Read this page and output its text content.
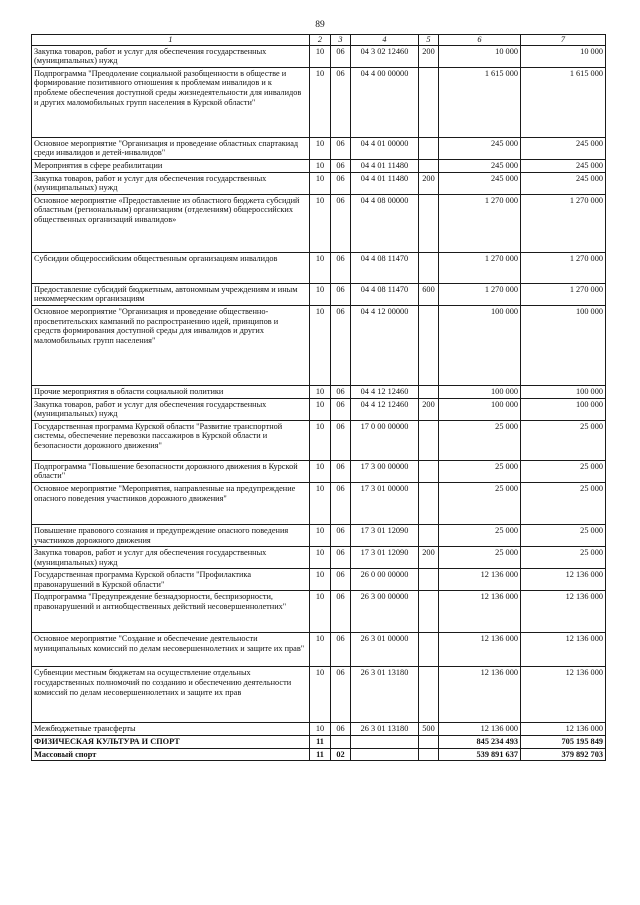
89
1	2	3	4	5	6	7
Закупка товаров, работ и услуг для обеспечения государственных (муниципальных) нужд	10	06	04 3 02 12460	200	10 000	10 000
Подпрограмма "Преодоление социальной разобщенности в обществе и формирование позитивного отношения к проблемам инвалидов и к проблеме обеспечения доступной среды жизнедеятельности для инвалидов и других маломобильных групп населения в Курской области"	10	06	04 4 00 00000		1 615 000	1 615 000
Основное мероприятие "Организация и проведение областных спартакиад среди инвалидов и детей-инвалидов"	10	06	04 4 01 00000		245 000	245 000
Мероприятия в сфере реабилитации	10	06	04 4 01 11480		245 000	245 000
Закупка товаров, работ и услуг для обеспечения государственных (муниципальных) нужд	10	06	04 4 01 11480	200	245 000	245 000
Основное мероприятие «Предоставление из областного бюджета субсидий областным (региональным) организациям (отделениям) общероссийских общественных организаций инвалидов»	10	06	04 4 08 00000		1 270 000	1 270 000
Субсидии общероссийским общественным организациям инвалидов	10	06	04 4 08 11470		1 270 000	1 270 000
Предоставление субсидий бюджетным, автономным учреждениям и иным некоммерческим организациям	10	06	04 4 08 11470	600	1 270 000	1 270 000
Основное мероприятие "Организация и проведение общественно-просветительских кампаний по распространению идей, принципов и средств формирования доступной среды для инвалидов и других маломобильных групп населения"	10	06	04 4 12 00000		100 000	100 000
Прочие мероприятия в области социальной политики	10	06	04 4 12 12460		100 000	100 000
Закупка товаров, работ и услуг для обеспечения государственных (муниципальных) нужд	10	06	04 4 12 12460	200	100 000	100 000
Государственная программа Курской области "Развитие транспортной системы, обеспечение перевозки пассажиров в Курской области и безопасности дорожного движения"	10	06	17 0 00 00000		25 000	25 000
Подпрограмма "Повышение безопасности дорожного движения в Курской области"	10	06	17 3 00 00000		25 000	25 000
Основное мероприятие "Мероприятия, направленные на предупреждение опасного поведения участников дорожного движения"	10	06	17 3 01 00000		25 000	25 000
Повышение правового сознания и предупреждение опасного поведения участников дорожного движения	10	06	17 3 01 12090		25 000	25 000
Закупка товаров, работ и услуг для обеспечения государственных (муниципальных) нужд	10	06	17 3 01 12090	200	25 000	25 000
Государственная программа Курской области "Профилактика правонарушений в Курской области"	10	06	26 0 00 00000		12 136 000	12 136 000
Подпрограмма "Предупреждение безнадзорности, беспризорности, правонарушений и антиобщественных действий несовершеннолетних"	10	06	26 3 00 00000		12 136 000	12 136 000
Основное мероприятие "Создание и обеспечение деятельности муниципальных комиссий по делам несовершеннолетних и защите их прав"	10	06	26 3 01 00000		12 136 000	12 136 000
Субвенции местным бюджетам на осуществление отдельных государственных полномочий по созданию и обеспечению деятельности комиссий по делам несовершеннолетних и защите их прав	10	06	26 3 01 13180		12 136 000	12 136 000
Межбюджетные трансферты	10	06	26 3 01 13180	500	12 136 000	12 136 000
ФИЗИЧЕСКАЯ КУЛЬТУРА И СПОРТ	11				845 234 493	705 195 849
Массовый спорт	11	02			539 891 637	379 892 703
